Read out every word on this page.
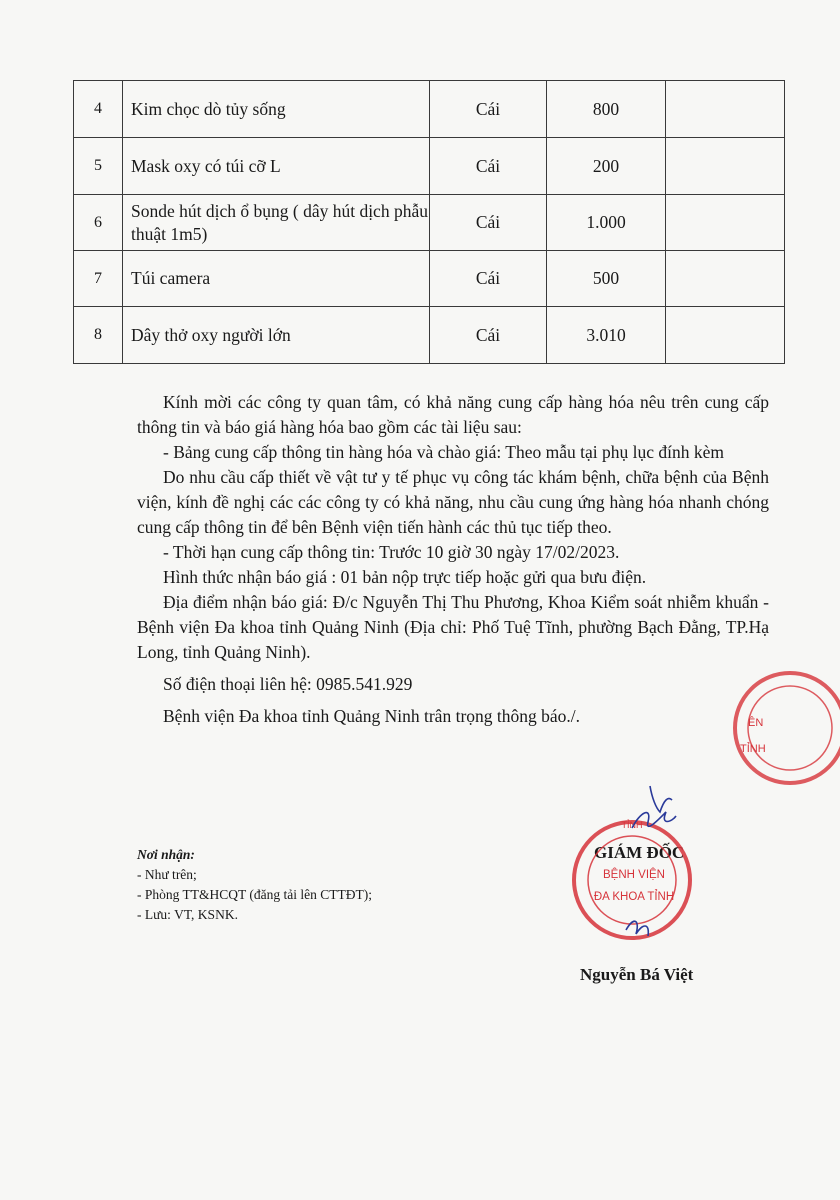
4	Kim chọc dò tủy sống	Cái	800	
5	Mask oxy có túi cỡ L	Cái	200	
6	Sonde hút dịch ổ bụng ( dây hút dịch phẫu thuật 1m5)	Cái	1.000	
7	Túi camera	Cái	500	
8	Dây thở oxy người lớn	Cái	3.010	

Kính mời các công ty quan tâm, có khả năng cung cấp hàng hóa nêu trên cung cấp thông tin và báo giá hàng hóa bao gồm các tài liệu sau:

- Bảng cung cấp thông tin hàng hóa và chào giá: Theo mẫu tại phụ lục đính kèm

Do nhu cầu cấp thiết về vật tư y tế phục vụ công tác khám bệnh, chữa bệnh của Bệnh viện, kính đề nghị các các công ty có khả năng, nhu cầu cung ứng hàng hóa nhanh chóng cung cấp thông tin để bên Bệnh viện tiến hành các thủ tục tiếp theo.

- Thời hạn cung cấp thông tin: Trước 10 giờ 30 ngày 17/02/2023.

Hình thức nhận báo giá : 01 bản nộp trực tiếp hoặc gửi qua bưu điện.

Địa điểm nhận báo giá: Đ/c Nguyễn Thị Thu Phương, Khoa Kiểm soát nhiễm khuẩn - Bệnh viện Đa khoa tỉnh Quảng Ninh (Địa chỉ: Phố Tuệ Tĩnh, phường Bạch Đằng, TP.Hạ Long, tỉnh Quảng Ninh).

Số điện thoại liên hệ: 0985.541.929

Bệnh viện Đa khoa tỉnh Quảng Ninh trân trọng thông báo./.

Nơi nhận:
- Như trên;
- Phòng TT&HCQT (đăng tải lên CTTĐT);
- Lưu: VT, KSNK.
GIÁM ĐỐC
Nguyễn Bá Việt
TỈNH
BỆNH VIỆN
ĐA KHOA TỈNH
ÊN
TỈNH
